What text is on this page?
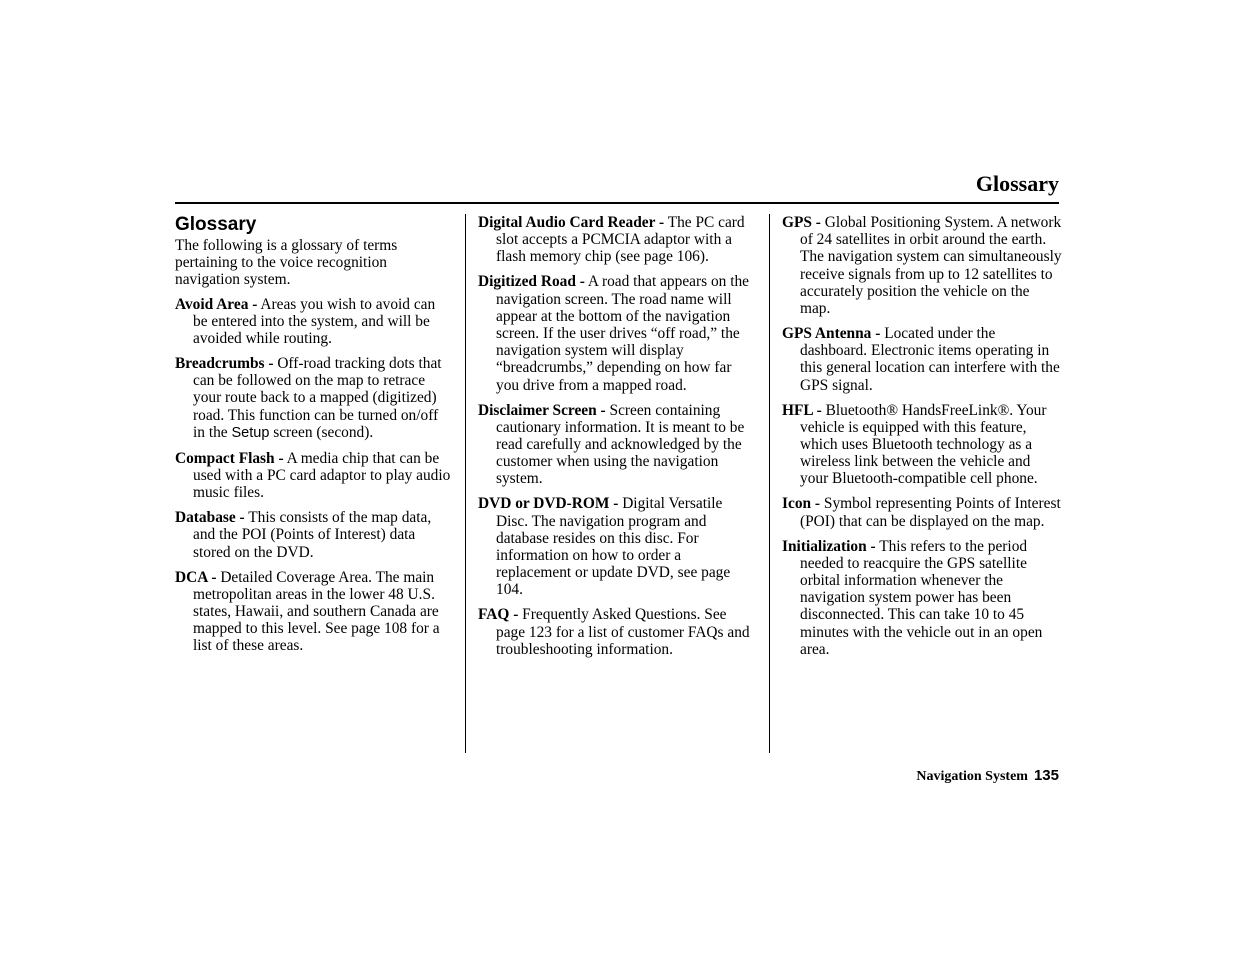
Glossary
Glossary

The following is a glossary of terms pertaining to the voice recognition navigation system.

Avoid Area - Areas you wish to avoid can be entered into the system, and will be avoided while routing.

Breadcrumbs - Off-road tracking dots that can be followed on the map to retrace your route back to a mapped (digitized) road. This function can be turned on/off in the Setup screen (second).

Compact Flash - A media chip that can be used with a PC card adaptor to play audio music files.

Database - This consists of the map data, and the POI (Points of Interest) data stored on the DVD.

DCA - Detailed Coverage Area. The main metropolitan areas in the lower 48 U.S. states, Hawaii, and southern Canada are mapped to this level. See page 108 for a list of these areas.

Digital Audio Card Reader - The PC card slot accepts a PCMCIA adaptor with a flash memory chip (see page 106).

Digitized Road - A road that appears on the navigation screen. The road name will appear at the bottom of the navigation screen. If the user drives “off road,” the navigation system will display “breadcrumbs,” depending on how far you drive from a mapped road.

Disclaimer Screen - Screen containing cautionary information. It is meant to be read carefully and acknowledged by the customer when using the navigation system.

DVD or DVD-ROM - Digital Versatile Disc. The navigation program and database resides on this disc. For information on how to order a replacement or update DVD, see page 104.

FAQ - Frequently Asked Questions. See page 123 for a list of customer FAQs and troubleshooting information.

GPS - Global Positioning System. A network of 24 satellites in orbit around the earth. The navigation system can simultaneously receive signals from up to 12 satellites to accurately position the vehicle on the map.

GPS Antenna - Located under the dashboard. Electronic items operating in this general location can interfere with the GPS signal.

HFL - Bluetooth® HandsFreeLink®. Your vehicle is equipped with this feature, which uses Bluetooth technology as a wireless link between the vehicle and your Bluetooth-compatible cell phone.

Icon - Symbol representing Points of Interest (POI) that can be displayed on the map.

Initialization - This refers to the period needed to reacquire the GPS satellite orbital information whenever the navigation system power has been disconnected. This can take 10 to 45 minutes with the vehicle out in an open area.

Navigation System 135
